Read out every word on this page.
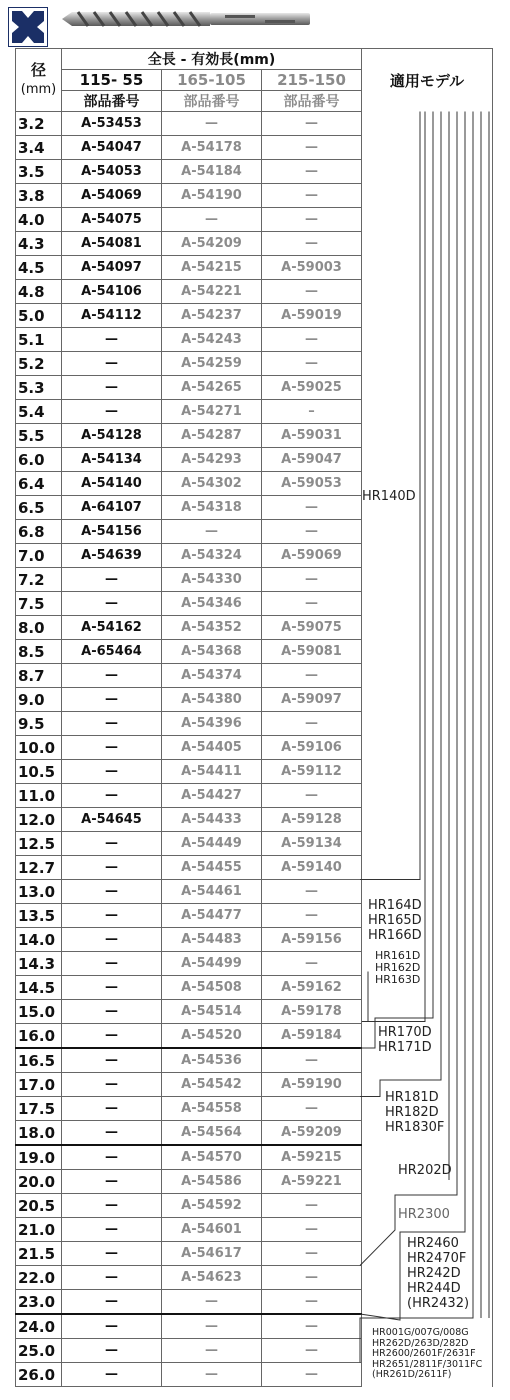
径
(mm)	全長 - 有効長(mm)			適用モデル
	115- 55	165-105	215-150	
	部品番号	部品番号	部品番号	
3.2	A-53453	—	—	
3.4	A-54047	A-54178	—	
3.5	A-54053	A-54184	—	
3.8	A-54069	A-54190	—	
4.0	A-54075	—	—	
4.3	A-54081	A-54209	—	
4.5	A-54097	A-54215	A-59003	
4.8	A-54106	A-54221	—	
5.0	A-54112	A-54237	A-59019	
5.1	—	A-54243	—	
5.2	—	A-54259	—	
5.3	—	A-54265	A-59025	
5.4	—	A-54271	–	
5.5	A-54128	A-54287	A-59031	
6.0	A-54134	A-54293	A-59047	
6.4	A-54140	A-54302	A-59053	
6.5	A-64107	A-54318	—	
6.8	A-54156	—	—	
7.0	A-54639	A-54324	A-59069	
7.2	—	A-54330	—	
7.5	—	A-54346	—	
8.0	A-54162	A-54352	A-59075	
8.5	A-65464	A-54368	A-59081	
8.7	—	A-54374	—	
9.0	—	A-54380	A-59097	
9.5	—	A-54396	—	
10.0	—	A-54405	A-59106	
10.5	—	A-54411	A-59112	
11.0	—	A-54427	—	
12.0	A-54645	A-54433	A-59128	
12.5	—	A-54449	A-59134	
12.7	—	A-54455	A-59140	
13.0	—	A-54461	—	
13.5	—	A-54477	—	
14.0	—	A-54483	A-59156	
14.3	—	A-54499	—	
14.5	—	A-54508	A-59162	
15.0	—	A-54514	A-59178	
16.0	—	A-54520	A-59184	
16.5	—	A-54536	—	
17.0	—	A-54542	A-59190	
17.5	—	A-54558	—	
18.0	—	A-54564	A-59209	
19.0	—	A-54570	A-59215	
20.0	—	A-54586	A-59221	
20.5	—	A-54592	—	
21.0	—	A-54601	—	
21.5	—	A-54617	—	
22.0	—	A-54623	—	
23.0	—	—	—	
24.0	—	—	—	
25.0	—	—	—	
26.0	—	—	—	
HR140D
HR164D
HR165D
HR166D
HR161D
HR162D
HR163D
HR170D
HR171D
HR181D
HR182D
HR1830F
HR202D
HR2300
HR2460
HR2470F
HR242D
HR244D
(HR2432)
HR001G/007G/008G
HR262D/263D/282D
HR2600/2601F/2631F
HR2651/2811F/3011FC
(HR261D/2611F)
